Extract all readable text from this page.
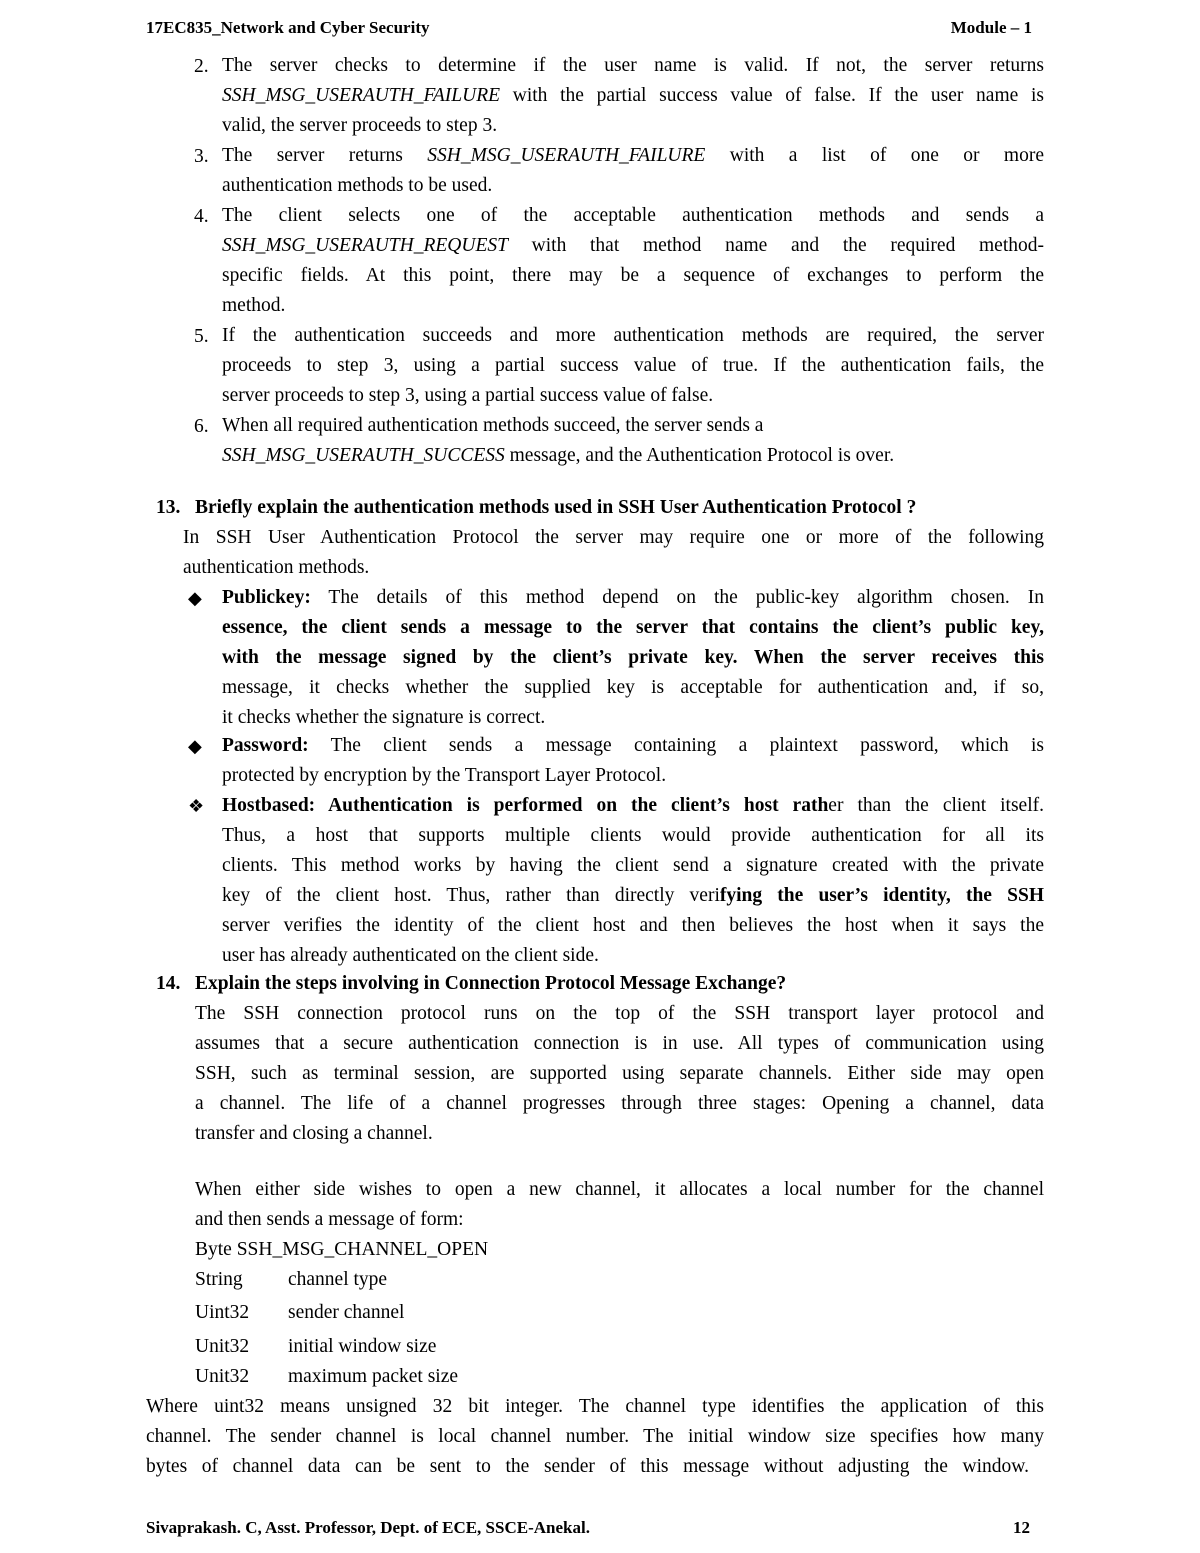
17EC835_Network and Cyber Security	Module – 1
2. The server checks to determine if the user name is valid. If not, the server returns
SSH_MSG_USERAUTH_FAILURE with the partial success value of false. If the user name is
valid, the server proceeds to step 3.
3. The server returns SSH_MSG_USERAUTH_FAILURE with a list of one or more
authentication methods to be used.
4. The client selects one of the acceptable authentication methods and sends a
SSH_MSG_USERAUTH_REQUEST with that method name and the required method-
specific fields. At this point, there may be a sequence of exchanges to perform the
method.
5. If the authentication succeeds and more authentication methods are required, the server
proceeds to step 3, using a partial success value of true. If the authentication fails, the
server proceeds to step 3, using a partial success value of false.
6. When all required authentication methods succeed, the server sends a
SSH_MSG_USERAUTH_SUCCESS message, and the Authentication Protocol is over.
13. Briefly explain the authentication methods used in SSH User Authentication Protocol ?
In SSH User Authentication Protocol the server may require one or more of the following
authentication methods.
◆ Publickey: The details of this method depend on the public-key algorithm chosen. In
essence, the client sends a message to the server that contains the client’s public key,
with the message signed by the client’s private key. When the server receives this
message, it checks whether the supplied key is acceptable for authentication and, if so,
it checks whether the signature is correct.
◆ Password: The client sends a message containing a plaintext password, which is
protected by encryption by the Transport Layer Protocol.
❖ Hostbased: Authentication is performed on the client’s host rather than the client itself.
Thus, a host that supports multiple clients would provide authentication for all its
clients. This method works by having the client send a signature created with the private
key of the client host. Thus, rather than directly verifying the user’s identity, the SSH
server verifies the identity of the client host and then believes the host when it says the
user has already authenticated on the client side.
14. Explain the steps involving in Connection Protocol Message Exchange?
The SSH connection protocol runs on the top of the SSH transport layer protocol and
assumes that a secure authentication connection is in use. All types of communication using
SSH, such as terminal session, are supported using separate channels. Either side may open
a channel. The life of a channel progresses through three stages: Opening a channel, data
transfer and closing a channel.
When either side wishes to open a new channel, it allocates a local number for the channel
and then sends a message of form:
Byte SSH_MSG_CHANNEL_OPEN
String channel type
Uint32 sender channel
Unit32 initial window size
Unit32 maximum packet size
Where uint32 means unsigned 32 bit integer. The channel type identifies the application of this
channel. The sender channel is local channel number. The initial window size specifies how many
bytes of channel data can be sent to the sender of this message without adjusting the window.
Sivaprakash. C, Asst. Professor, Dept. of ECE, SSCE-Anekal.	12
